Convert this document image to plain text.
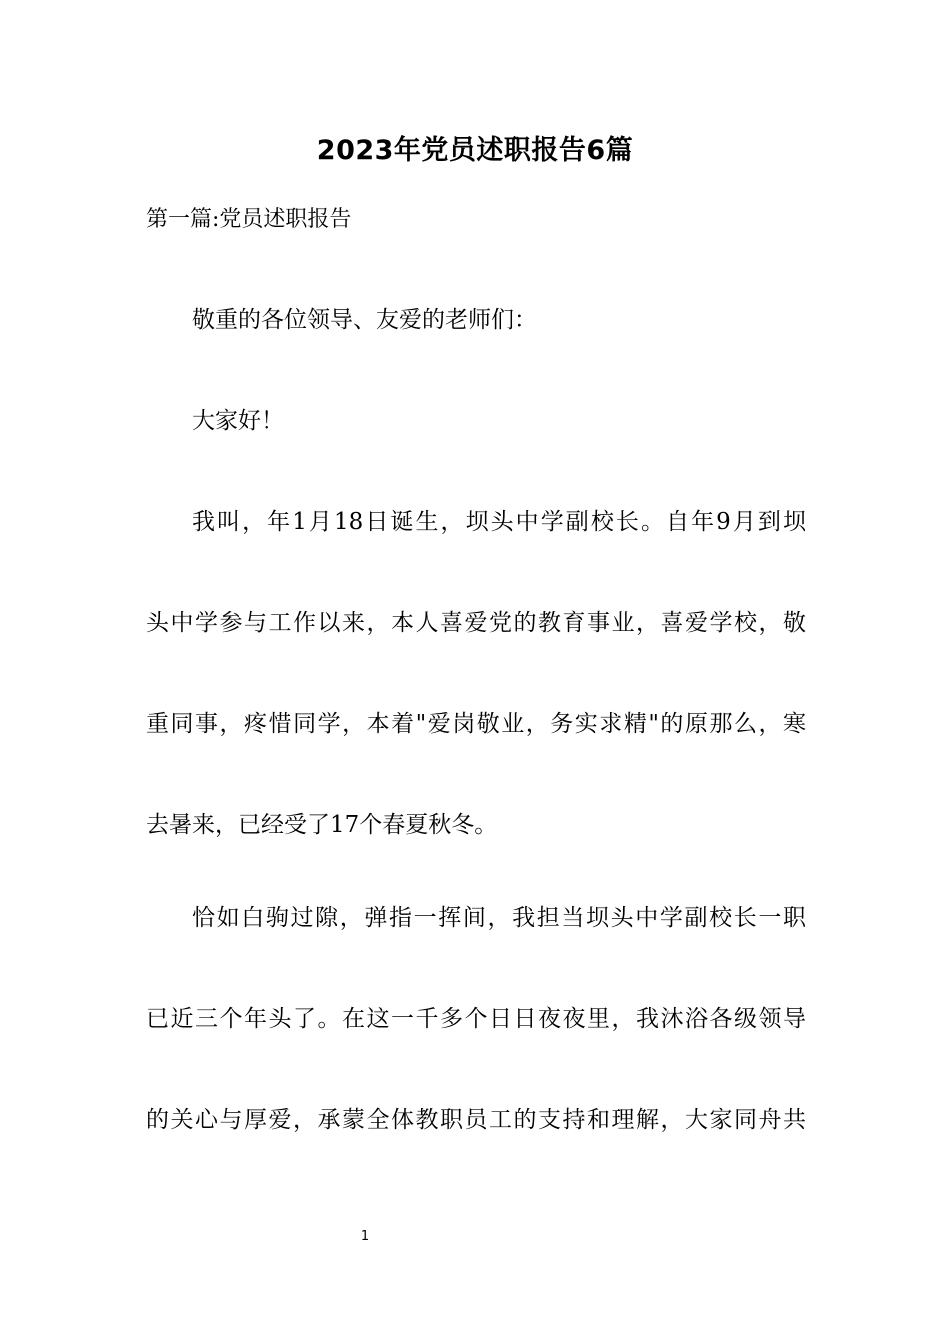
2023年党员述职报告6篇

第一篇:党员述职报告

敬重的各位领导、友爱的老师们：

大家好！

我叫，年1月18日诞生，坝头中学副校长。自年9月到坝
头中学参与工作以来，本人喜爱党的教育事业，喜爱学校，敬
重同事，疼惜同学，本着"爱岗敬业，务实求精"的原那么，寒
去暑来，已经受了17个春夏秋冬。
恰如白驹过隙，弹指一挥间，我担当坝头中学副校长一职
已近三个年头了。在这一千多个日日夜夜里，我沐浴各级领导
的关心与厚爱，承蒙全体教职员工的支持和理解，大家同舟共
1
